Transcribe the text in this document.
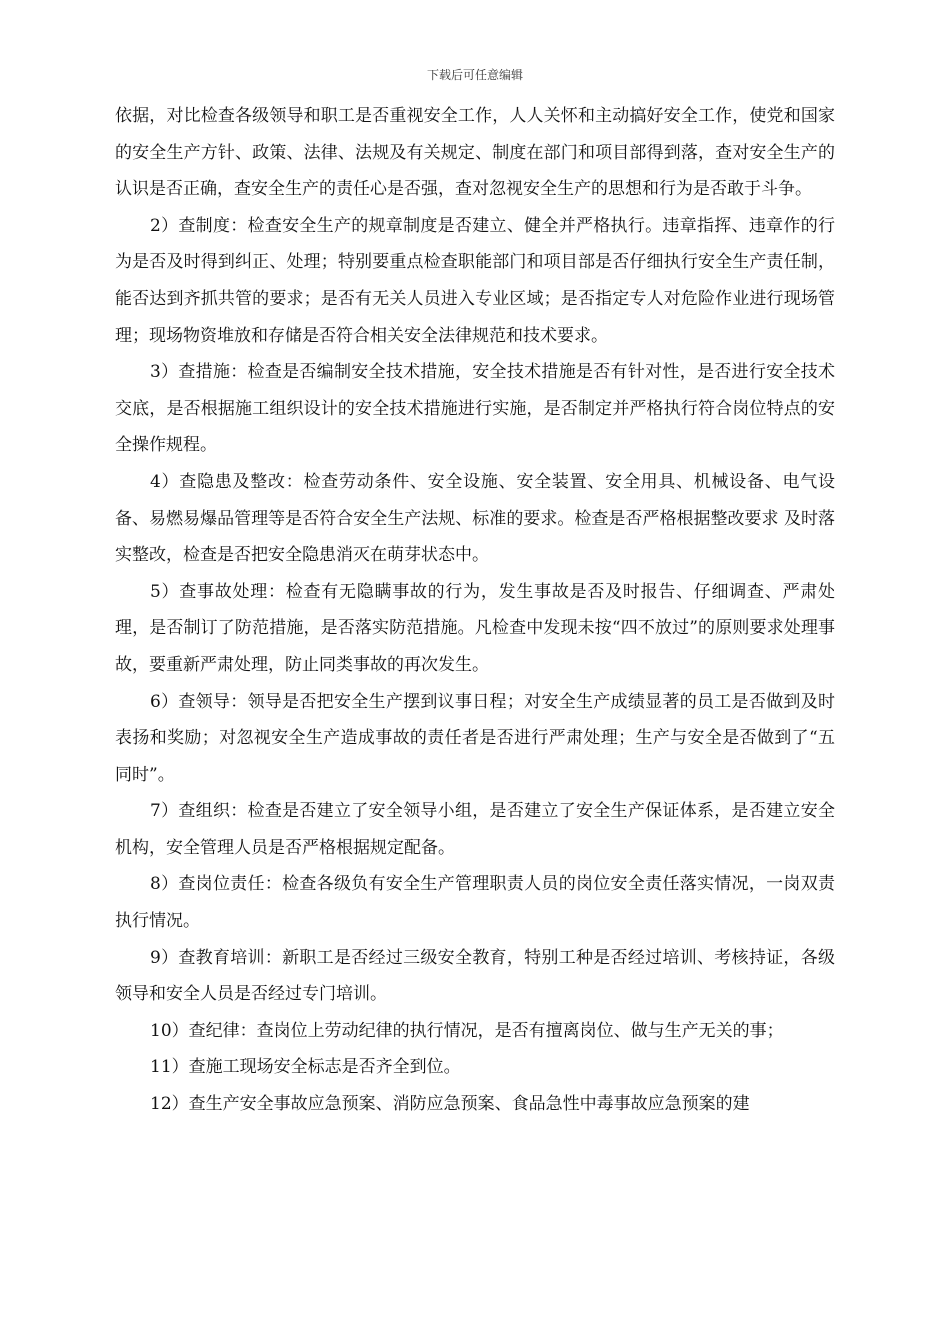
下载后可任意编辑

依据，对比检查各级领导和职工是否重视安全工作，人人关怀和主动搞好安全工作，使党和国家的安全生产方针、政策、法律、法规及有关规定、制度在部门和项目部得到落，查对安全生产的认识是否正确，查安全生产的责任心是否强，查对忽视安全生产的思想和行为是否敢于斗争。

2）查制度：检查安全生产的规章制度是否建立、健全并严格执行。违章指挥、违章作的行为是否及时得到纠正、处理；特别要重点检查职能部门和项目部是否仔细执行安全生产责任制，能否达到齐抓共管的要求；是否有无关人员进入专业区域；是否指定专人对危险作业进行现场管理；现场物资堆放和存储是否符合相关安全法律规范和技术要求。

3）查措施：检查是否编制安全技术措施，安全技术措施是否有针对性，是否进行安全技术交底，是否根据施工组织设计的安全技术措施进行实施，是否制定并严格执行符合岗位特点的安全操作规程。

4）查隐患及整改：检查劳动条件、安全设施、安全装置、安全用具、机械设备、电气设备、易燃易爆品管理等是否符合安全生产法规、标准的要求。检查是否严格根据整改要求 及时落实整改，检查是否把安全隐患消灭在萌芽状态中。

5）查事故处理：检查有无隐瞒事故的行为，发生事故是否及时报告、仔细调查、严肃处理，是否制订了防范措施，是否落实防范措施。凡检查中发现未按“四不放过”的原则要求处理事故，要重新严肃处理，防止同类事故的再次发生。

6）查领导：领导是否把安全生产摆到议事日程；对安全生产成绩显著的员工是否做到及时表扬和奖励；对忽视安全生产造成事故的责任者是否进行严肃处理；生产与安全是否做到了“五同时”。

7）查组织：检查是否建立了安全领导小组，是否建立了安全生产保证体系，是否建立安全机构，安全管理人员是否严格根据规定配备。

8）查岗位责任：检查各级负有安全生产管理职责人员的岗位安全责任落实情况，一岗双责执行情况。

9）查教育培训：新职工是否经过三级安全教育，特别工种是否经过培训、考核持证，各级领导和安全人员是否经过专门培训。

10）查纪律：查岗位上劳动纪律的执行情况，是否有擅离岗位、做与生产无关的事；

11）查施工现场安全标志是否齐全到位。

12）查生产安全事故应急预案、消防应急预案、食品急性中毒事故应急预案的建
